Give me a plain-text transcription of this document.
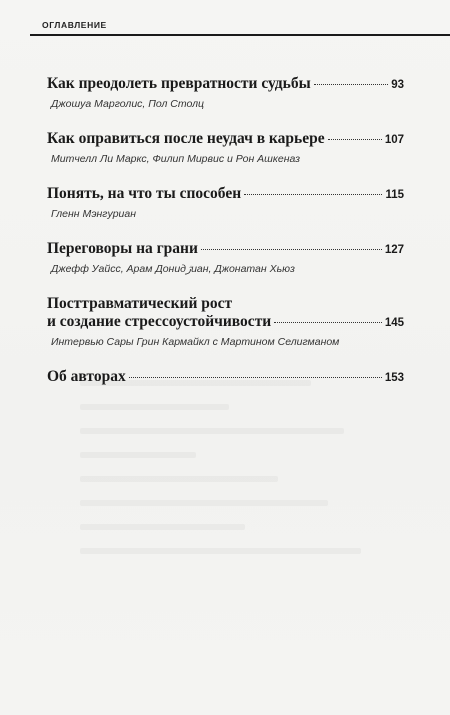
ОГЛАВЛЕНИЕ
Как преодолеть превратности судьбы	93
Джошуа Марголис, Пол Столц
Как оправиться после неудач в карьере	107
Митчелл Ли Маркс, Филип Мирвис и Рон Ашкеназ
Понять, на что ты способен	115
Гленн Мэнгуриан
Переговоры на грани	127
Джефф Уайсс, Арам Донидژиан, Джонатан Хьюз
Посттравматический рост
и создание стрессоустойчивости	145
Интервью Сары Грин Кармайкл с Мартином Селигманом
Об авторах	153
